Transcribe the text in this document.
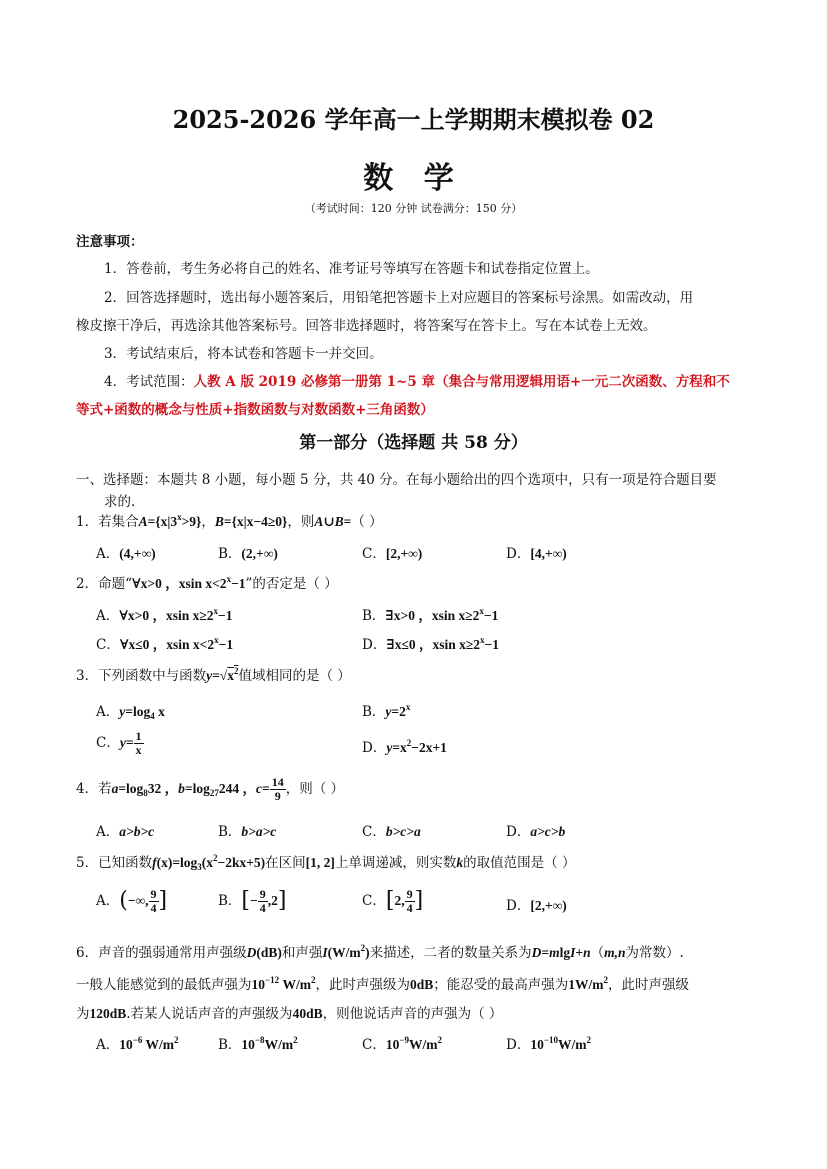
2025-2026 学年高一上学期期末模拟卷 02
数 学
（考试时间：120 分钟 试卷满分：150 分）
注意事项：
1．答卷前，考生务必将自己的姓名、准考证号等填写在答题卡和试卷指定位置上。
2．回答选择题时，选出每小题答案后，用铅笔把答题卡上对应题目的答案标号涂黑。如需改动，用
橡皮擦干净后，再选涂其他答案标号。回答非选择题时，将答案写在答卡上。写在本试卷上无效。
3．考试结束后，将本试卷和答题卡一并交回。
4．考试范围：人教 A 版 2019 必修第一册第 1~5 章（集合与常用逻辑用语+一元二次函数、方程和不
等式+函数的概念与性质+指数函数与对数函数+三角函数）
第一部分（选择题 共 58 分）
一、选择题：本题共 8 小题，每小题 5 分，共 40 分。在每小题给出的四个选项中，只有一项是符合题目要
求的.
1．若集合$A=\{x|3^x>9\}$，B={x|x−4≥0}，则A∪B=（ ）
A．(4,+∞)	B．(2,+∞)	C．[2,+∞)	D．[4,+∞)
2．命题“∀x>0 ，xsin $x<2^x-1$”的否定是（ ）
A．∀x>0 ，xsin $x\ge 2^x-1$	B．∃x>0 ，xsin $x\ge 2^x-1$
C．∀x≤0 ，xsin $x<2^x-1$	D．∃x≤0 ，xsin $x\ge 2^x-1$
3．下列函数中与函数$y=√x^2$值域相同的是（ ）
A．$y=\log_4$ x	B．$y=2^x$
C．$y= \frac{1}{x}$	D．$y=x^2-2x+1$
4．若$a=\log_832$ ，$b=\log_{27}244$ ，$c= \frac{14}{9}$ ，则（ ）
A．a>b>c	B．b>a>c	C．b>c>a	D．a>c>b
5．已知函数$f(x)=\log_3(x^2-2kx+5)$在区间[1, 2]上单调递减，则实数k的取值范围是（ ）
A．(−∞, $\frac{9}{4}$ ]	B．[− $\frac{9}{4} ,2$]	C．[2, $\frac{9}{4}$ ]	D．[2,+∞)
6．声音的强弱通常用声强级D(dB)和声强$I(W/m^2)$来描述，二者的数量关系为D=mlgI+n（m,n为常数）.
一般人能感觉到的最低声强为$10^{-12}$ $W/m^2$，此时声强级为0dB；能忍受的最高声强为$1W/m^2$，此时声强级
为120dB.若某人说话声音的声强级为40dB，则他说话声音的声强为（ ）
A．$10^{-6}$ $W/m^2$	B．$10^{-8}W/m^2$	C．$10^{-9}W/m^2$	D．$10^{-10}W/m^2$
